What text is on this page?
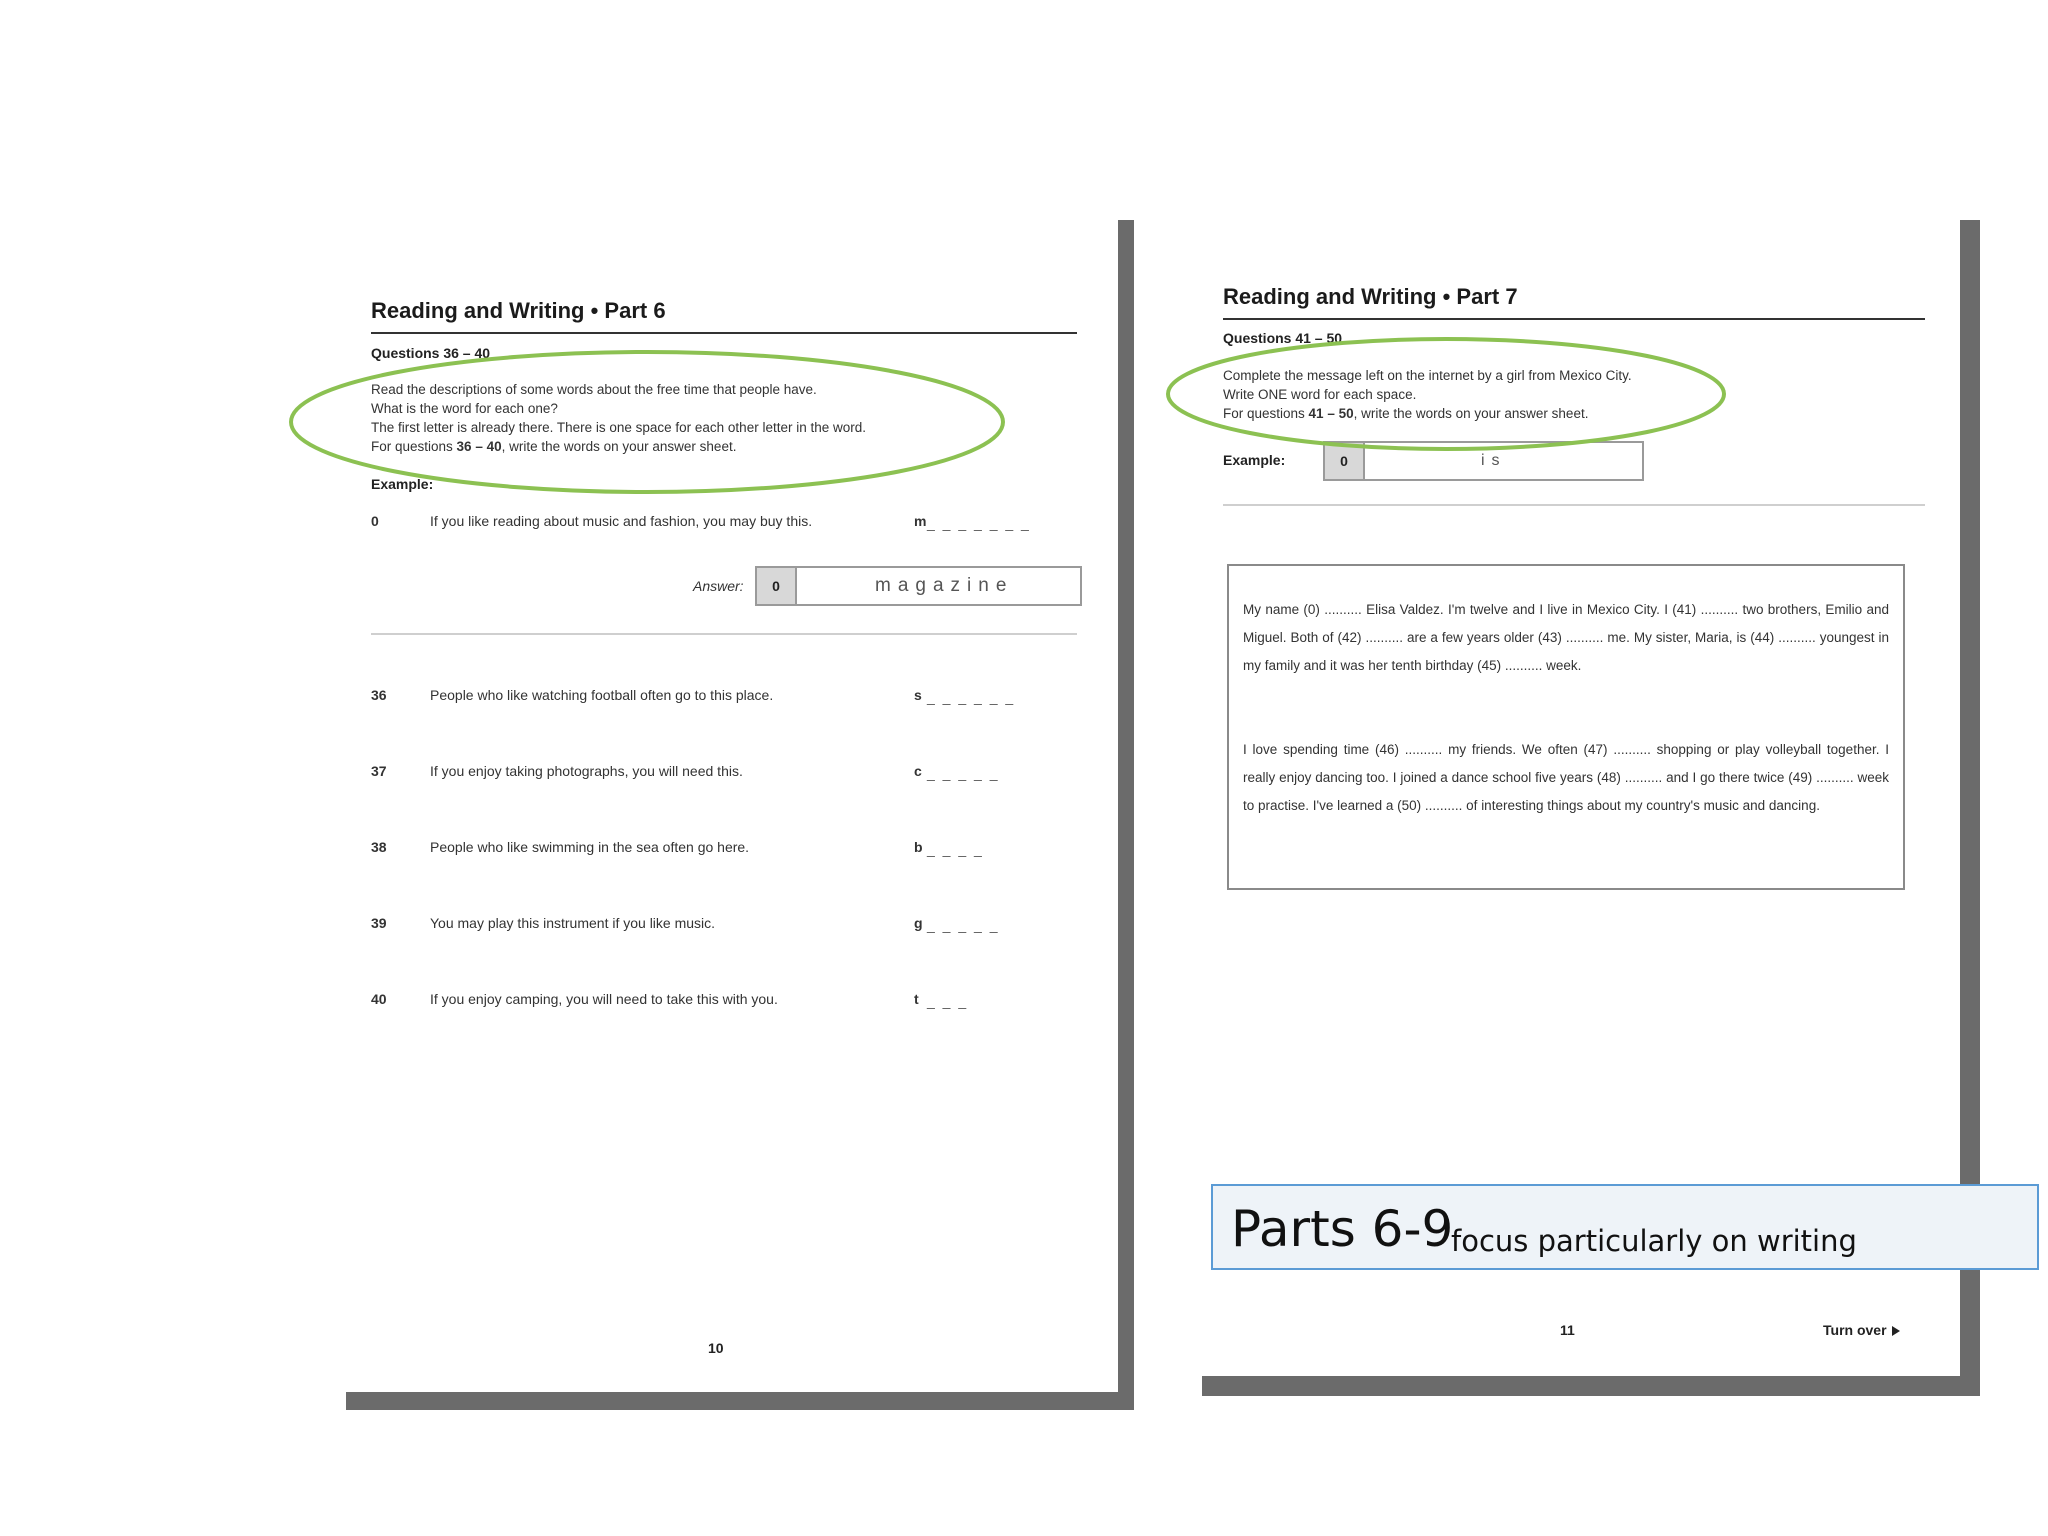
Reading and Writing • Part 6
Questions 36 – 40
Read the descriptions of some words about the free time that people have.
What is the word for each one?
The first letter is already there. There is one space for each other letter in the word.
For questions 36 – 40, write the words on your answer sheet.
Example:
0	If you like reading about music and fashion, you may buy this.	m _ _ _ _ _ _ _
Answer:	0	magazine
36	People who like watching football often go to this place.	s _ _ _ _ _ _
37	If you enjoy taking photographs, you will need this.	c _ _ _ _ _
38	People who like swimming in the sea often go here.	b _ _ _ _
39	You may play this instrument if you like music.	g _ _ _ _ _
40	If you enjoy camping, you will need to take this with you.	t _ _ _
10
Reading and Writing • Part 7
Questions 41 – 50
Complete the message left on the internet by a girl from Mexico City.
Write ONE word for each space.
For questions 41 – 50, write the words on your answer sheet.
Example:	0	is
My name (0) .......... Elisa Valdez. I'm twelve and I live in Mexico City. I (41) .......... two brothers, Emilio and Miguel. Both of (42) .......... are a few years older (43) .......... me. My sister, Maria, is (44) .......... youngest in my family and it was her tenth birthday (45) .......... week.
I love spending time (46) .......... my friends. We often (47) .......... shopping or play volleyball together. I really enjoy dancing too. I joined a dance school five years (48) .......... and I go there twice (49) .......... week to practise. I've learned a (50) .......... of interesting things about my country's music and dancing.
11	Turn over
Parts 6-9
focus particularly on writing
